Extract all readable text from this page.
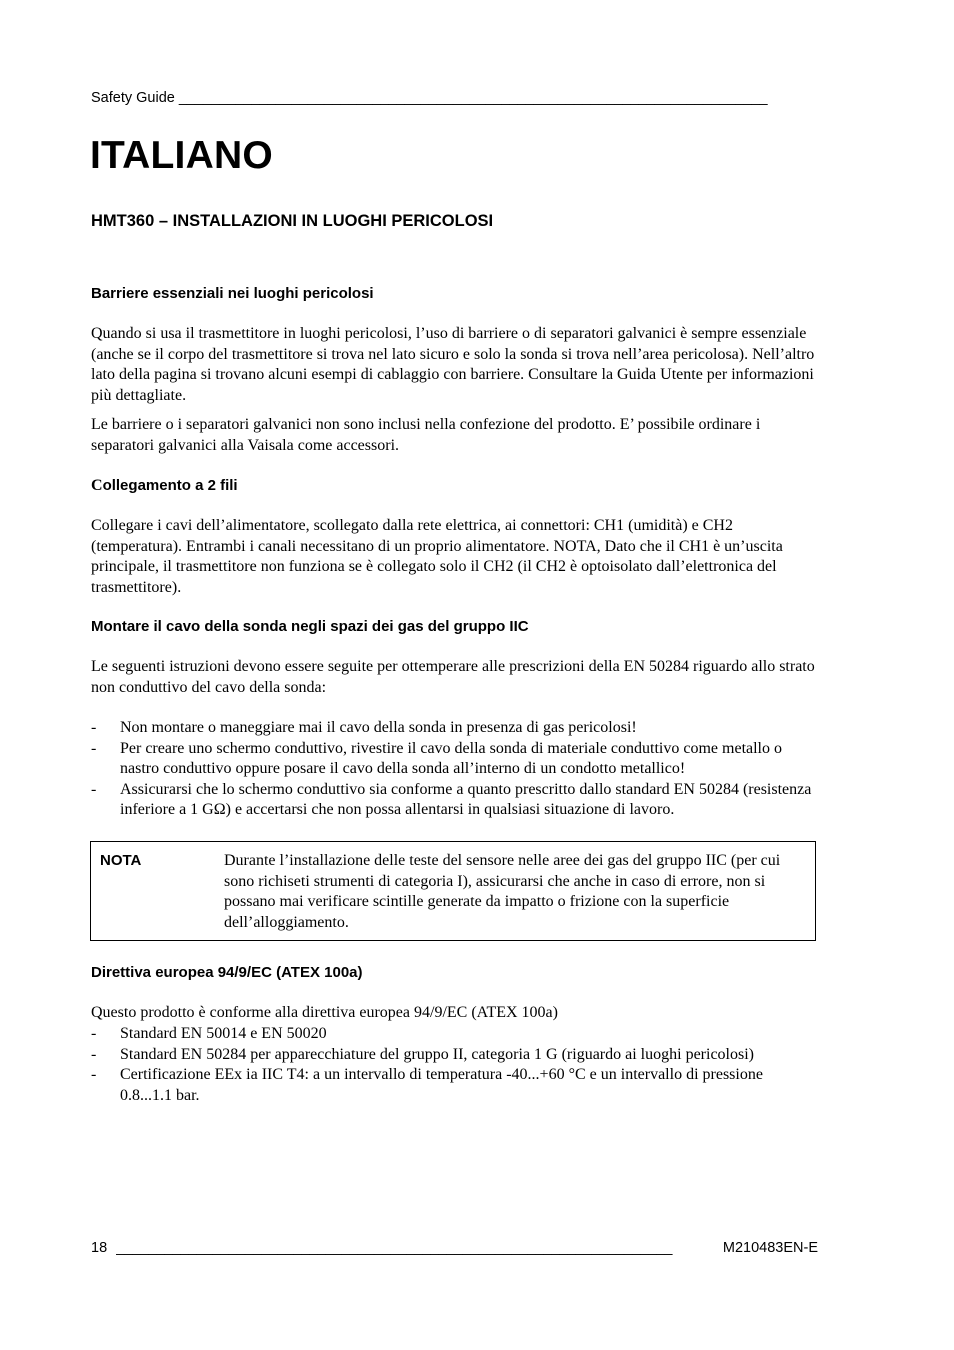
Safety Guide _________________________________________________________________________
ITALIANO
HMT360 – INSTALLAZIONI IN LUOGHI PERICOLOSI
Barriere essenziali nei luoghi pericolosi

Quando si usa il trasmettitore in luoghi pericolosi, l’uso di barriere o di separatori galvanici è sempre essenziale (anche se il corpo del trasmettitore si trova nel lato sicuro e solo la sonda si trova nell’area pericolosa). Nell’altro lato della pagina si trovano alcuni esempi di cablaggio con barriere. Consultare la Guida Utente per informazioni più dettagliate.

Le barriere o i separatori galvanici non sono inclusi nella confezione del prodotto. E’ possibile ordinare i separatori galvanici alla Vaisala come accessori.

Collegamento a 2 fili

Collegare i cavi dell’alimentatore, scollegato dalla rete elettrica, ai connettori: CH1 (umidità) e CH2 (temperatura). Entrambi i canali necessitano di un proprio alimentatore. NOTA, Dato che il CH1 è un’uscita principale, il trasmettitore non funziona se è collegato solo il CH2 (il CH2 è optoisolato dall’elettronica del trasmettitore).

Montare il cavo della sonda negli spazi dei gas del gruppo IIC

Le seguenti istruzioni devono essere seguite per ottemperare alle prescrizioni della EN 50284 riguardo allo strato non conduttivo del cavo della sonda:

- Non montare o maneggiare mai il cavo della sonda in presenza di gas pericolosi!
- Per creare uno schermo conduttivo, rivestire il cavo della sonda di materiale conduttivo come metallo o nastro conduttivo oppure posare il cavo della sonda all’interno di un condotto metallico!
- Assicurarsi che lo schermo conduttivo sia conforme a quanto prescritto dallo standard EN 50284 (resistenza inferiore a 1 GΩ) e accertarsi che non possa allentarsi in qualsiasi situazione di lavoro.
NOTA	Durante l’installazione delle teste del sensore nelle aree dei gas del gruppo IIC (per cui sono richiseti strumenti di categoria I), assicurarsi che anche in caso di errore, non si possano mai verificare scintille generate da impatto o frizione con la superficie dell’alloggiamento.

Direttiva europea 94/9/EC (ATEX 100a)

Questo prodotto è conforme alla direttiva europea 94/9/EC (ATEX 100a)

- Standard EN 50014 e EN 50020
- Standard EN 50284 per apparecchiature del gruppo II, categoria 1 G (riguardo ai luoghi pericolosi)
- Certificazione EEx ia IIC T4: a un intervallo di temperatura -40...+60 °C e un intervallo di pressione 0.8...1.1 bar.
18 _____________________________________________________________________	M210483EN-E
